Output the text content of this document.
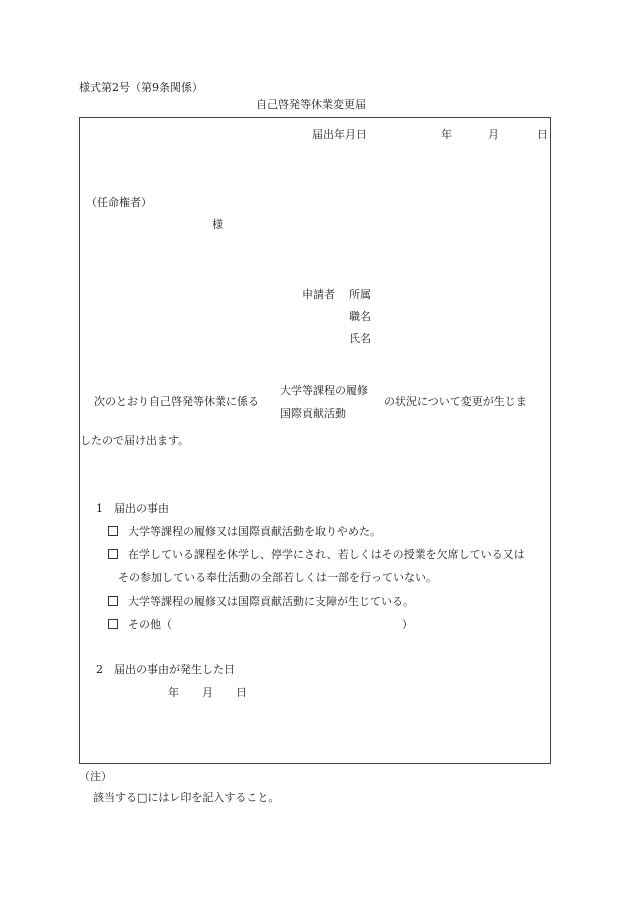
様式第2号（第9条関係）
自己啓発等休業変更届
届出年月日	年	月	日
（任命権者）
様
申請者 所属
職名
氏名
次のとおり自己啓発等休業に係る
大学等課程の履修
国際貢献活動
の状況について変更が生じま
したので届け出ます。
1　届出の事由
大学等課程の履修又は国際貢献活動を取りやめた。
在学している課程を休学し、停学にされ、若しくはその授業を欠席している又は
その参加している奉仕活動の全部若しくは一部を行っていない。
大学等課程の履修又は国際貢献活動に支障が生じている。
その他（	）
2　届出の事由が発生した日
年 月 日
（注）
該当する□にはレ印を記入すること。
